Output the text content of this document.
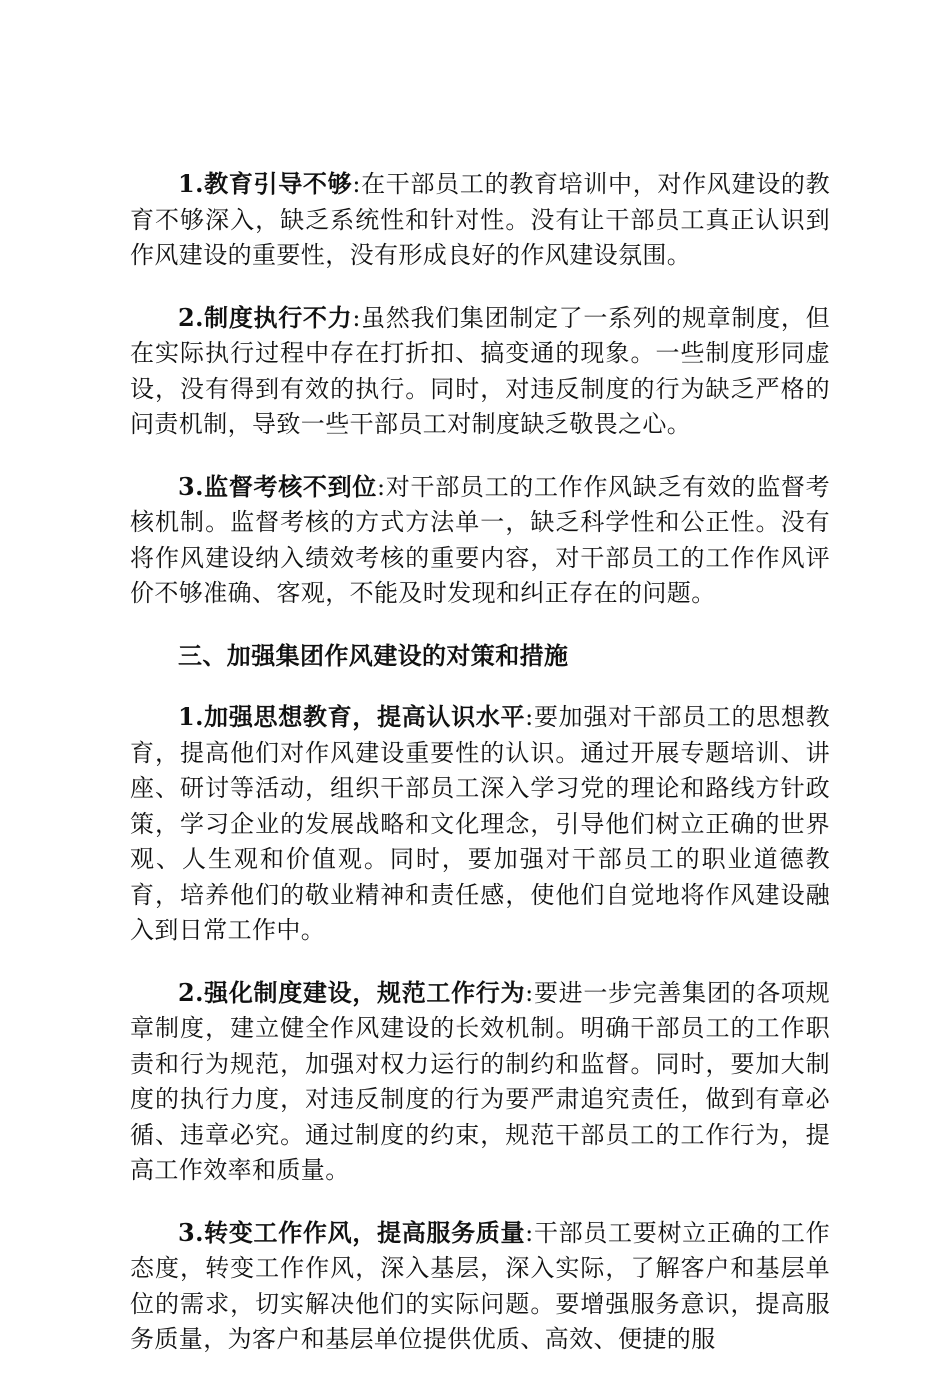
1.教育引导不够:在干部员工的教育培训中，对作风建设的教育不够深入，缺乏系统性和针对性。没有让干部员工真正认识到作风建设的重要性，没有形成良好的作风建设氛围。

2.制度执行不力:虽然我们集团制定了一系列的规章制度，但在实际执行过程中存在打折扣、搞变通的现象。一些制度形同虚设，没有得到有效的执行。同时，对违反制度的行为缺乏严格的问责机制，导致一些干部员工对制度缺乏敬畏之心。

3.监督考核不到位:对干部员工的工作作风缺乏有效的监督考核机制。监督考核的方式方法单一，缺乏科学性和公正性。没有将作风建设纳入绩效考核的重要内容，对干部员工的工作作风评价不够准确、客观，不能及时发现和纠正存在的问题。

三、加强集团作风建设的对策和措施

1.加强思想教育，提高认识水平:要加强对干部员工的思想教育，提高他们对作风建设重要性的认识。通过开展专题培训、讲座、研讨等活动，组织干部员工深入学习党的理论和路线方针政策，学习企业的发展战略和文化理念，引导他们树立正确的世界观、人生观和价值观。同时，要加强对干部员工的职业道德教育，培养他们的敬业精神和责任感，使他们自觉地将作风建设融入到日常工作中。

2.强化制度建设，规范工作行为:要进一步完善集团的各项规章制度，建立健全作风建设的长效机制。明确干部员工的工作职责和行为规范，加强对权力运行的制约和监督。同时，要加大制度的执行力度，对违反制度的行为要严肃追究责任，做到有章必循、违章必究。通过制度的约束，规范干部员工的工作行为，提高工作效率和质量。

3.转变工作作风，提高服务质量:干部员工要树立正确的工作态度，转变工作作风，深入基层，深入实际，了解客户和基层单位的需求，切实解决他们的实际问题。要增强服务意识，提高服务质量，为客户和基层单位提供优质、高效、便捷的服
